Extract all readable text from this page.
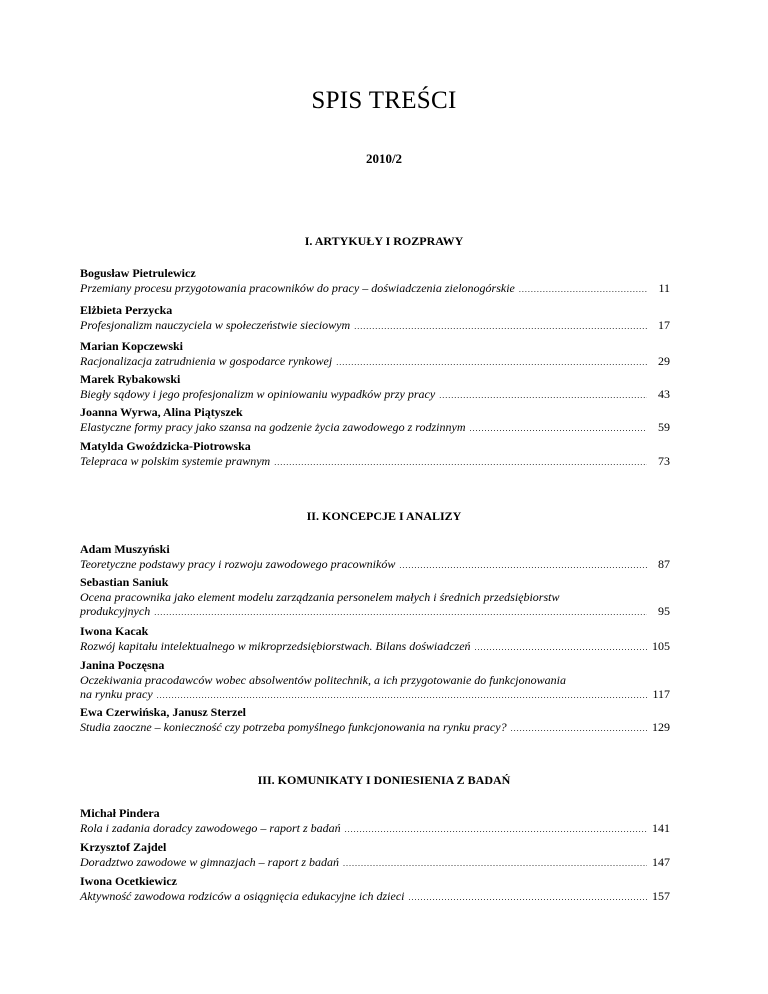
SPIS TREŚCI
2010/2
I. ARTYKUŁY I ROZPRAWY
Bogusław Pietrulewicz
Przemiany procesu przygotowania pracowników do pracy – doświadczenia zielonogórskie .....	11
Elżbieta Perzycka
Profesjonalizm nauczyciela w społeczeństwie sieciowym .....	17
Marian Kopczewski
Racjonalizacja zatrudnienia w gospodarce rynkowej .....	29
Marek Rybakowski
Biegły sądowy i jego profesjonalizm w opiniowaniu wypadków przy pracy .....	43
Joanna Wyrwa, Alina Piątyszek
Elastyczne formy pracy jako szansa na godzenie życia zawodowego z rodzinnym .....	59
Matylda Gwoździcka-Piotrowska
Telepraca w polskim systemie prawnym .....	73
II. KONCEPCJE I ANALIZY
Adam Muszyński
Teoretyczne podstawy pracy i rozwoju zawodowego pracowników .....	87
Sebastian Saniuk
Ocena pracownika jako element modelu zarządzania personelem małych i średnich przedsiębiorstw
produkcyjnych .....	95
Iwona Kacak
Rozwój kapitału intelektualnego w mikroprzedsiębiorstwach. Bilans doświadczeń .....	105
Janina Poczęsna
Oczekiwania pracodawców wobec absolwentów politechnik, a ich przygotowanie do funkcjonowania
na rynku pracy .....	117
Ewa Czerwińska, Janusz Sterzel
Studia zaoczne – konieczność czy potrzeba pomyślnego funkcjonowania na rynku pracy? .....	129
III. KOMUNIKATY I DONIESIENIA Z BADAŃ
Michał Pindera
Rola i zadania doradcy zawodowego – raport z badań .....	141
Krzysztof Zajdel
Doradztwo zawodowe w gimnazjach – raport z badań .....	147
Iwona Ocetkiewicz
Aktywność zawodowa rodziców a osiągnięcia edukacyjne ich dzieci .....	157
